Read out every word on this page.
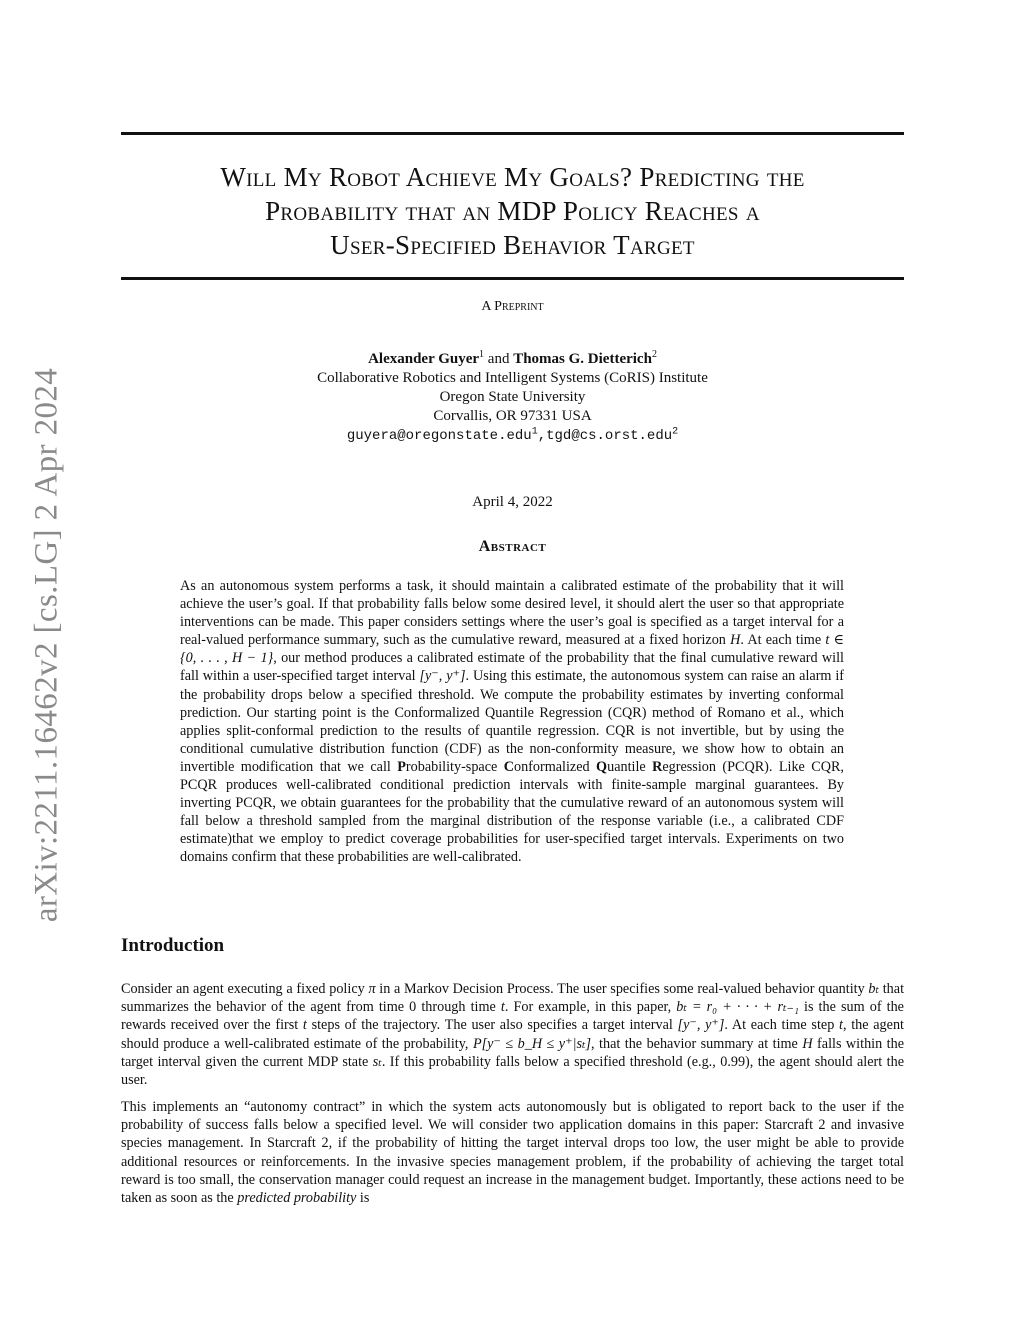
arXiv:2211.16462v2 [cs.LG] 2 Apr 2024
Will My Robot Achieve My Goals? Predicting the
Probability that an MDP Policy Reaches a
User-Specified Behavior Target
A Preprint
Alexander Guyer$^1$ and Thomas G. Dietterich$^2$
Collaborative Robotics and Intelligent Systems (CoRIS) Institute
Oregon State University
Corvallis, OR 97331 USA
guyera@oregonstate.edu$^1$,tgd@cs.orst.edu$^2$
April 4, 2022
Abstract

As an autonomous system performs a task, it should maintain a calibrated estimate of the probability that it will achieve the user’s goal. If that probability falls below some desired level, it should alert the user so that appropriate interventions can be made. This paper considers settings where the user’s goal is specified as a target interval for a real-valued performance summary, such as the cumulative reward, measured at a fixed horizon H. At each time t ∈ {0, . . . , H − 1}, our method produces a calibrated estimate of the probability that the final cumulative reward will fall within a user-specified target interval [y⁻, y⁺]. Using this estimate, the autonomous system can raise an alarm if the probability drops below a specified threshold. We compute the probability estimates by inverting conformal prediction. Our starting point is the Conformalized Quantile Regression (CQR) method of Romano et al., which applies split-conformal prediction to the results of quantile regression. CQR is not invertible, but by using the conditional cumulative distribution function (CDF) as the non-conformity measure, we show how to obtain an invertible modification that we call Probability-space Conformalized Quantile Regression (PCQR). Like CQR, PCQR produces well-calibrated conditional prediction intervals with finite-sample marginal guarantees. By inverting PCQR, we obtain guarantees for the probability that the cumulative reward of an autonomous system will fall below a threshold sampled from the marginal distribution of the response variable (i.e., a calibrated CDF estimate)that we employ to predict coverage probabilities for user-specified target intervals. Experiments on two domains confirm that these probabilities are well-calibrated.

Introduction

Consider an agent executing a fixed policy π in a Markov Decision Process. The user specifies some real-valued behavior quantity bₜ that summarizes the behavior of the agent from time 0 through time t. For example, in this paper, bₜ = r₀ + · · · + rₜ₋₁ is the sum of the rewards received over the first t steps of the trajectory. The user also specifies a target interval [y⁻, y⁺]. At each time step t, the agent should produce a well-calibrated estimate of the probability, P[y⁻ ≤ b_H ≤ y⁺|sₜ], that the behavior summary at time H falls within the target interval given the current MDP state sₜ. If this probability falls below a specified threshold (e.g., 0.99), the agent should alert the user.

This implements an “autonomy contract” in which the system acts autonomously but is obligated to report back to the user if the probability of success falls below a specified level. We will consider two application domains in this paper: Starcraft 2 and invasive species management. In Starcraft 2, if the probability of hitting the target interval drops too low, the user might be able to provide additional resources or reinforcements. In the invasive species management problem, if the probability of achieving the target total reward is too small, the conservation manager could request an increase in the management budget. Importantly, these actions need to be taken as soon as the predicted probability is
